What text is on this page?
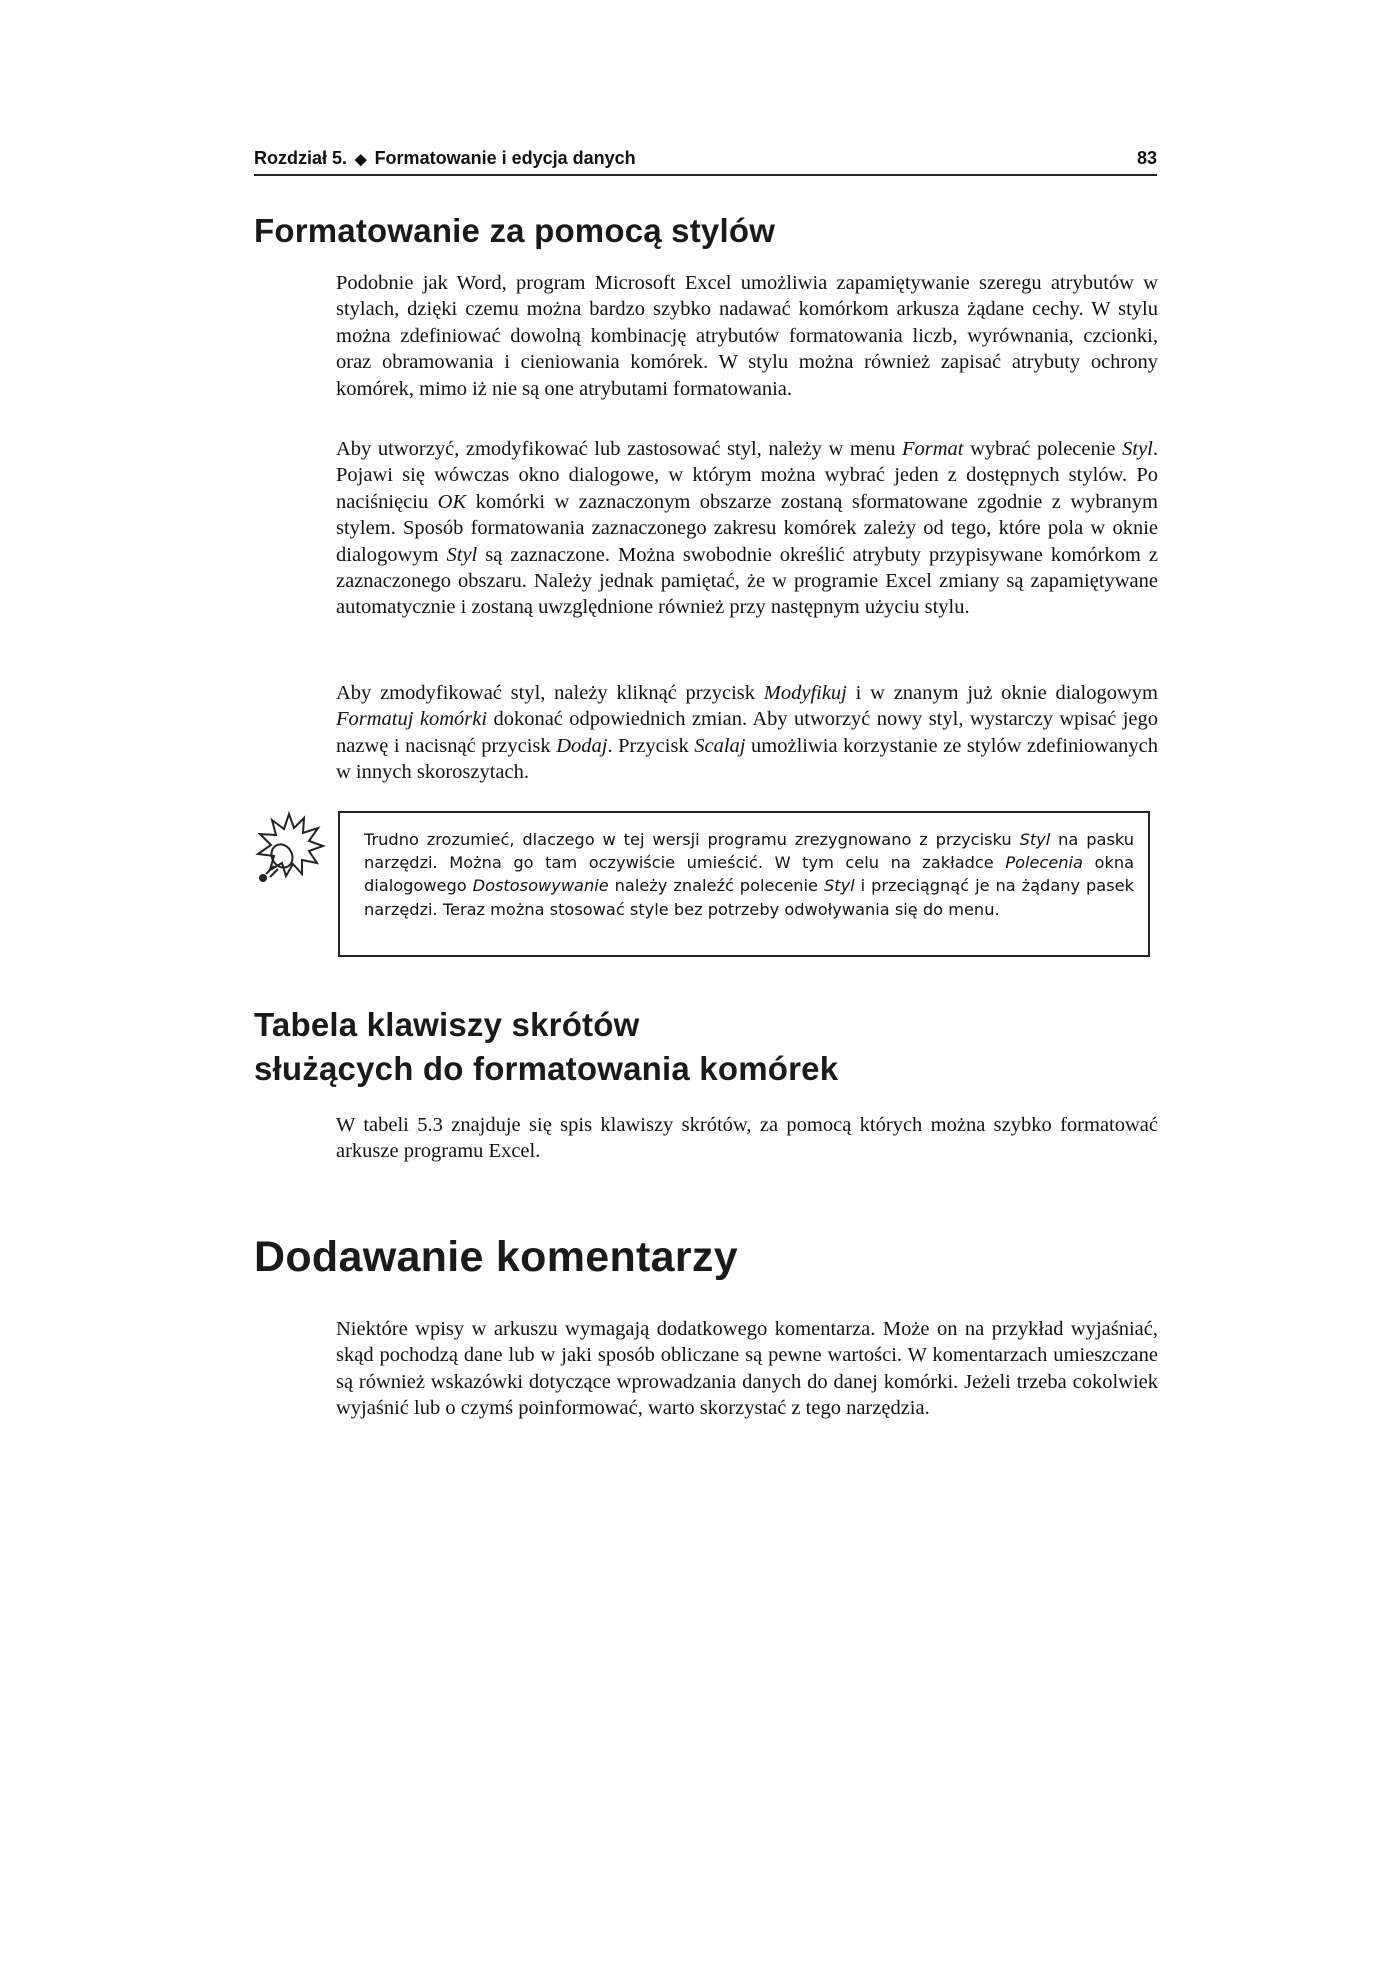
Rozdział 5. ◆ Formatowanie i edycja danych	83
Formatowanie za pomocą stylów

Podobnie jak Word, program Microsoft Excel umożliwia zapamiętywanie szeregu atrybutów w stylach, dzięki czemu można bardzo szybko nadawać komórkom arkusza żądane cechy. W stylu można zdefiniować dowolną kombinację atrybutów formatowania liczb, wyrównania, czcionki, oraz obramowania i cieniowania komórek. W stylu można również zapisać atrybuty ochrony komórek, mimo iż nie są one atrybutami formatowania.

Aby utworzyć, zmodyfikować lub zastosować styl, należy w menu Format wybrać polecenie Styl. Pojawi się wówczas okno dialogowe, w którym można wybrać jeden z dostępnych stylów. Po naciśnięciu OK komórki w zaznaczonym obszarze zostaną sformatowane zgodnie z wybranym stylem. Sposób formatowania zaznaczonego zakresu komórek zależy od tego, które pola w oknie dialogowym Styl są zaznaczone. Można swobodnie określić atrybuty przypisywane komórkom z zaznaczonego obszaru. Należy jednak pamiętać, że w programie Excel zmiany są zapamiętywane automatycznie i zostaną uwzględnione również przy następnym użyciu stylu.

Aby zmodyfikować styl, należy kliknąć przycisk Modyfikuj i w znanym już oknie dialogowym Formatuj komórki dokonać odpowiednich zmian. Aby utworzyć nowy styl, wystarczy wpisać jego nazwę i nacisnąć przycisk Dodaj. Przycisk Scalaj umożliwia korzystanie ze stylów zdefiniowanych w innych skoroszytach.

Trudno zrozumieć, dlaczego w tej wersji programu zrezygnowano z przycisku Styl na pasku narzędzi. Można go tam oczywiście umieścić. W tym celu na zakładce Polecenia okna dialogowego Dostosowywanie należy znaleźć polecenie Styl i przeciągnąć je na żądany pasek narzędzi. Teraz można stosować style bez potrzeby odwoływania się do menu.

Tabela klawiszy skrótów
służących do formatowania komórek

W tabeli 5.3 znajduje się spis klawiszy skrótów, za pomocą których można szybko formatować arkusze programu Excel.

Dodawanie komentarzy

Niektóre wpisy w arkuszu wymagają dodatkowego komentarza. Może on na przykład wyjaśniać, skąd pochodzą dane lub w jaki sposób obliczane są pewne wartości. W komentarzach umieszczane są również wskazówki dotyczące wprowadzania danych do danej komórki. Jeżeli trzeba cokolwiek wyjaśnić lub o czymś poinformować, warto skorzystać z tego narzędzia.
